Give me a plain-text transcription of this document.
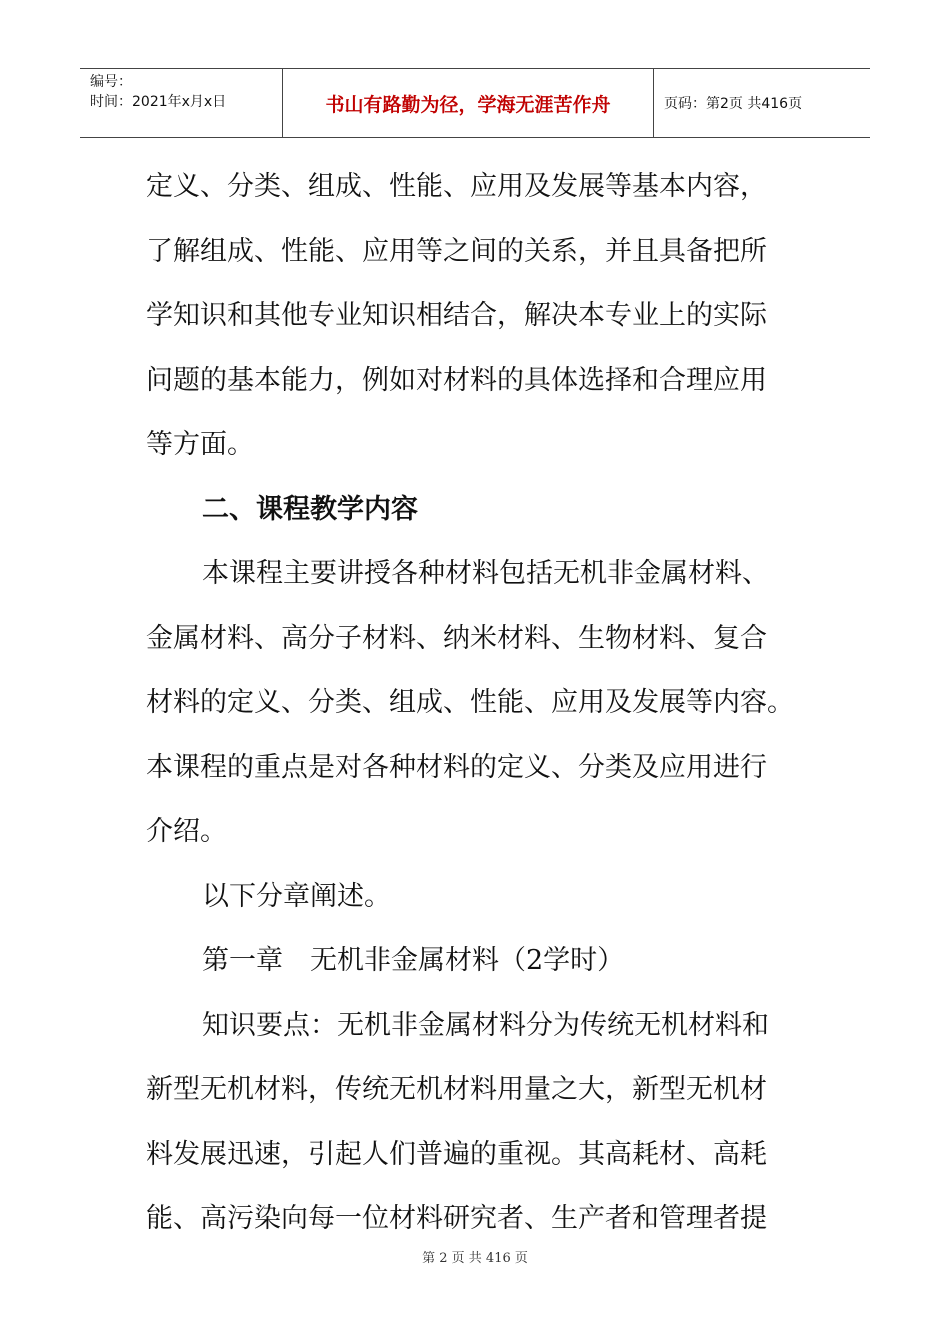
编号：
时间：2021年x月x日	书山有路勤为径，学海无涯苦作舟	页码：第2页 共416页

定义、分类、组成、性能、应用及发展等基本内容，

了解组成、性能、应用等之间的关系，并且具备把所

学知识和其他专业知识相结合，解决本专业上的实际

问题的基本能力，例如对材料的具体选择和合理应用

等方面。

二、课程教学内容

本课程主要讲授各种材料包括无机非金属材料、

金属材料、高分子材料、纳米材料、生物材料、复合

材料的定义、分类、组成、性能、应用及发展等内容。

本课程的重点是对各种材料的定义、分类及应用进行

介绍。

以下分章阐述。

第一章　无机非金属材料（2学时）

知识要点：无机非金属材料分为传统无机材料和

新型无机材料，传统无机材料用量之大，新型无机材

料发展迅速，引起人们普遍的重视。其高耗材、高耗

能、高污染向每一位材料研究者、生产者和管理者提

第 2 页 共 416 页
